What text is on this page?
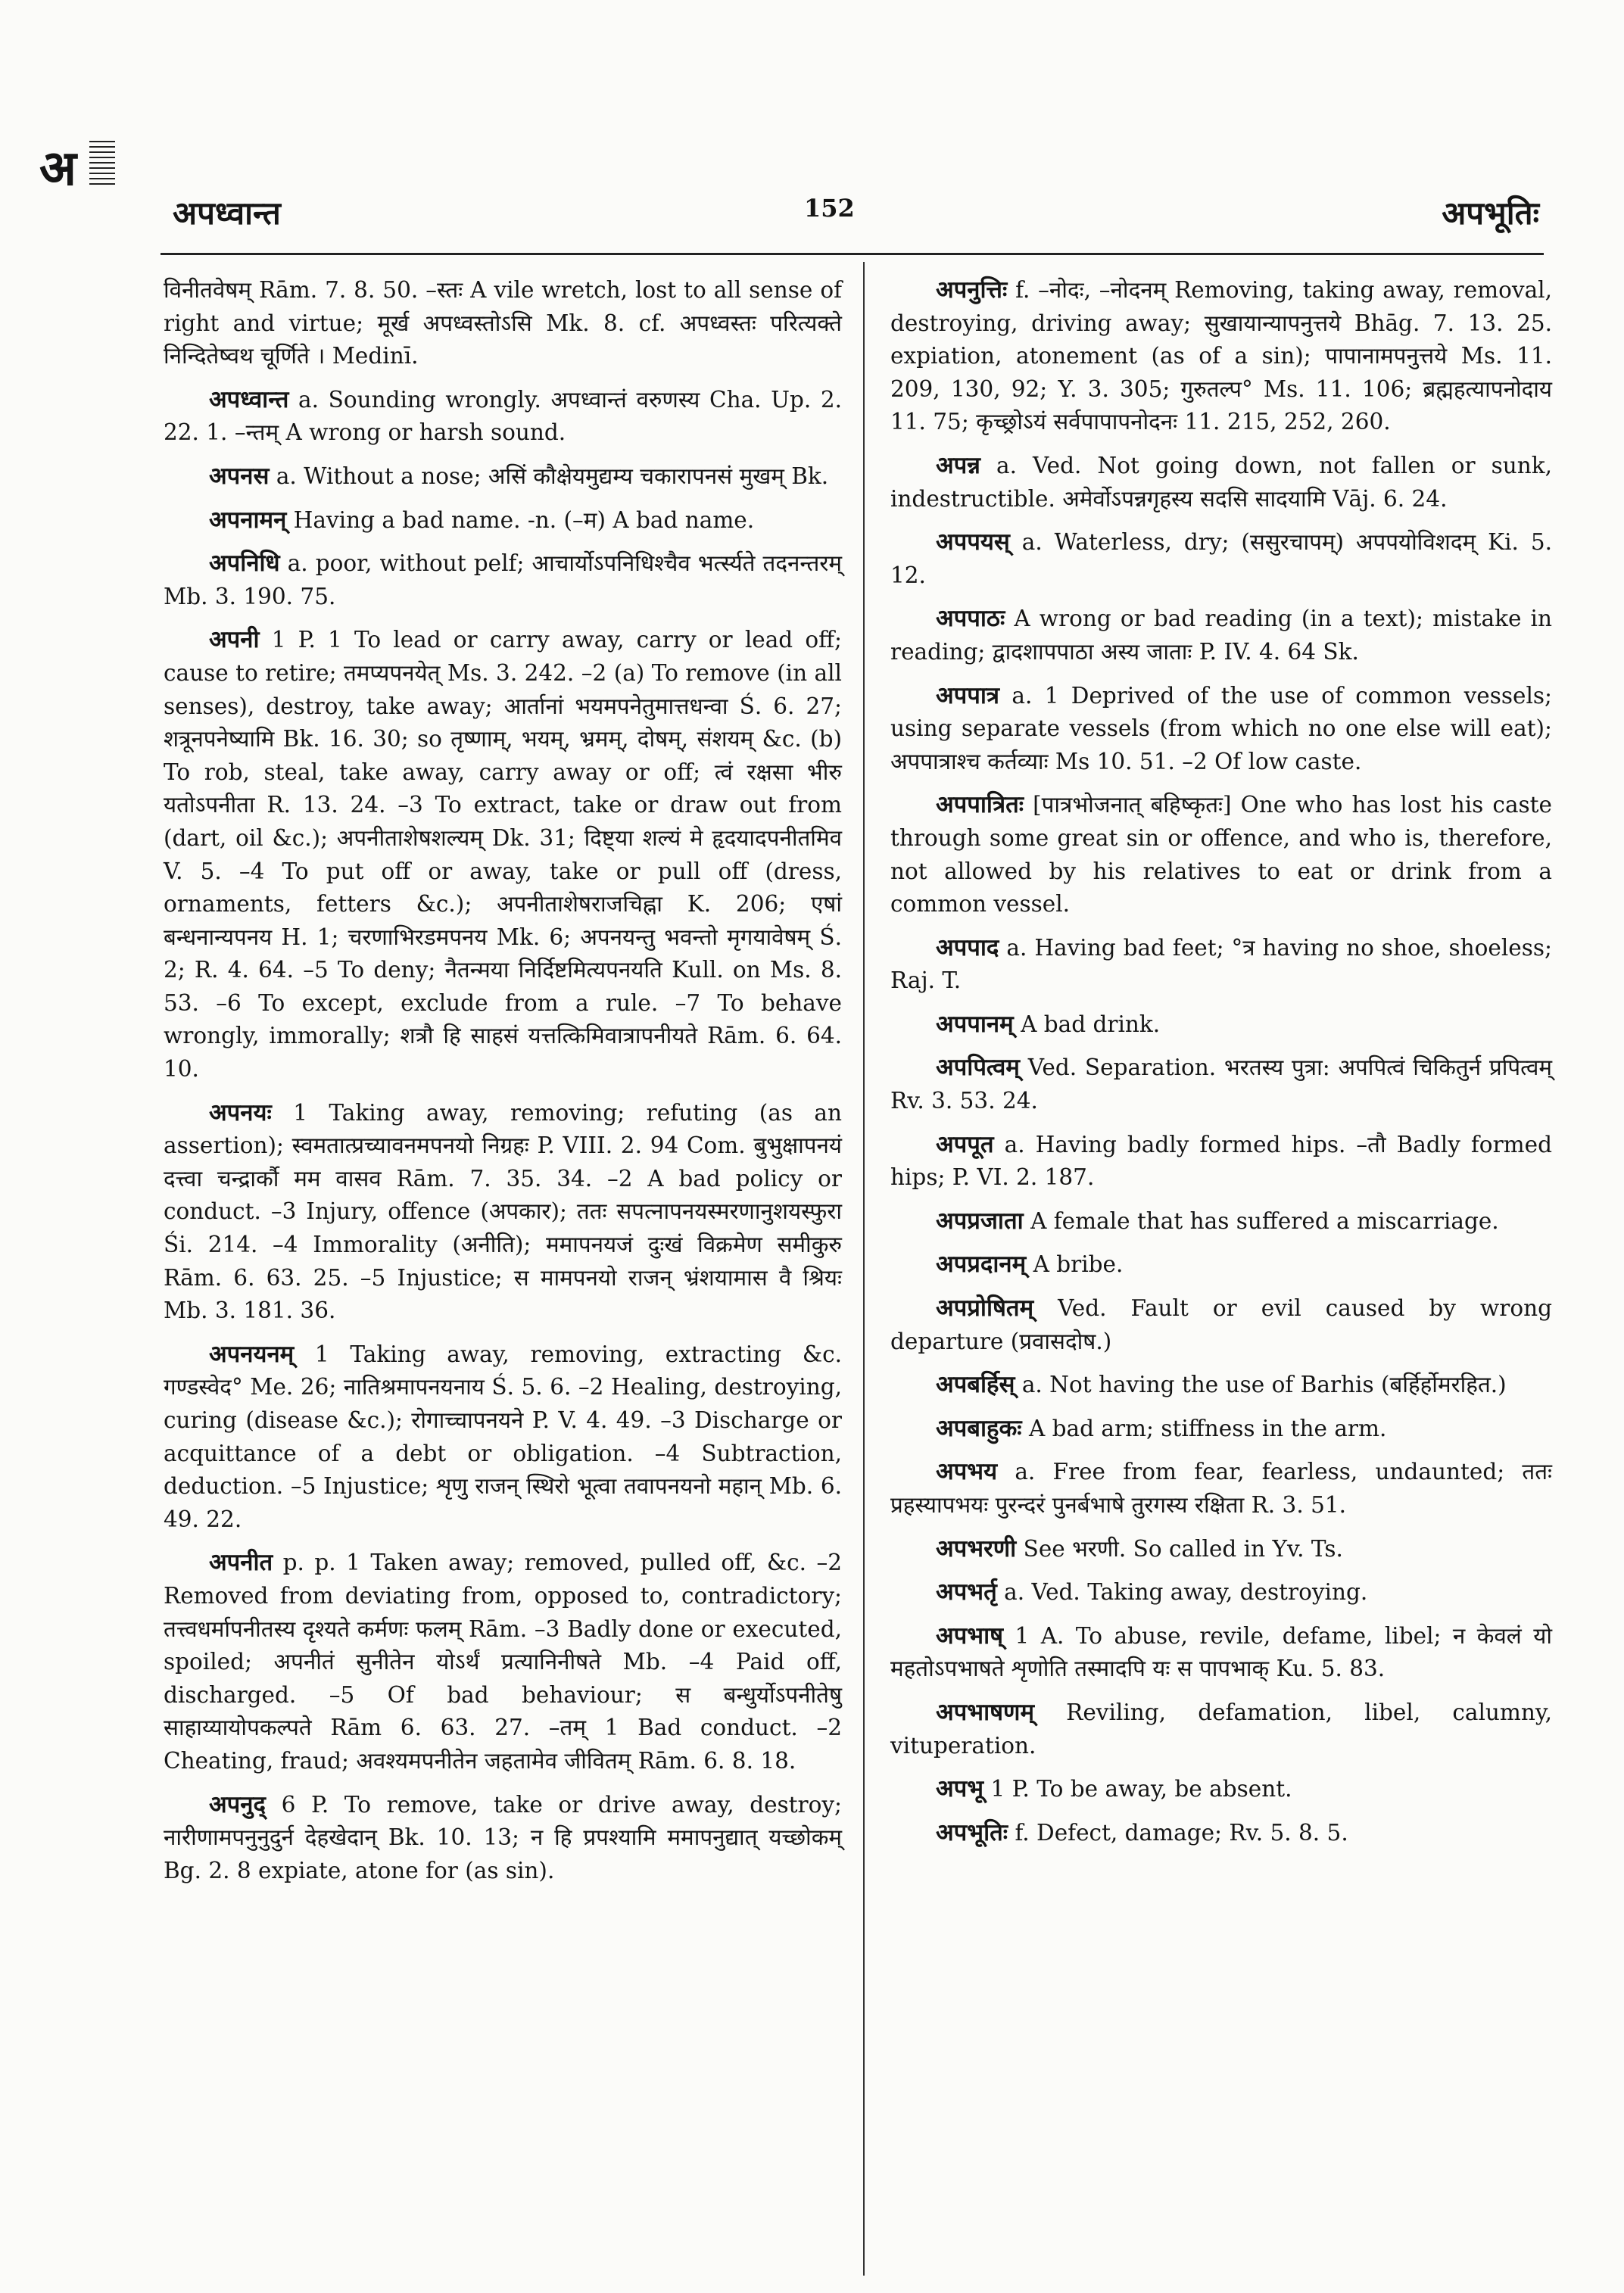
अ
अपध्वान्त	152	अपभूतिः

विनीतवेषम् Rām. 7. 8. 50. –स्तः A vile wretch, lost to all sense of right and virtue; मूर्ख अपध्वस्तोऽसि Mk. 8. cf. अपध्वस्तः परित्यक्ते निन्दितेष्वथ चूर्णिते । Medinī.

अपध्वान्त a. Sounding wrongly. अपध्वान्तं वरुणस्य Cha. Up. 2. 22. 1. –न्तम् A wrong or harsh sound.

अपनस a. Without a nose; असिं कौक्षेयमुद्यम्य चकारापनसं मुखम् Bk.

अपनामन् Having a bad name. -n. (–म) A bad name.

अपनिधि a. poor, without pelf; आचार्योऽपनिधिश्चैव भर्त्स्यते तदनन्तरम् Mb. 3. 190. 75.

अपनी 1 P. 1 To lead or carry away, carry or lead off; cause to retire; तमप्यपनयेत् Ms. 3. 242. –2 (a) To remove (in all senses), destroy, take away; आर्तानां भयमपनेतुमात्तधन्वा Ś. 6. 27; शत्रूनपनेष्यामि Bk. 16. 30; so तृष्णाम्, भयम्, भ्रमम्, दोषम्, संशयम् &c. (b) To rob, steal, take away, carry away or off; त्वं रक्षसा भीरु यतोऽपनीता R. 13. 24. –3 To extract, take or draw out from (dart, oil &c.); अपनीताशेषशल्यम् Dk. 31; दिष्ट्या शल्यं मे हृदयादपनीतमिव V. 5. –4 To put off or away, take or pull off (dress, ornaments, fetters &c.); अपनीताशेषराजचिह्ना K. 206; एषां बन्धनान्यपनय H. 1; चरणाभिरडमपनय Mk. 6; अपनयन्तु भवन्तो मृगयावेषम् Ś. 2; R. 4. 64. –5 To deny; नैतन्मया निर्दिष्टमित्यपनयति Kull. on Ms. 8. 53. –6 To except, exclude from a rule. –7 To behave wrongly, immorally; शत्रौ हि साहसं यत्तत्किमिवात्रापनीयते Rām. 6. 64. 10.

अपनयः 1 Taking away, removing; refuting (as an assertion); स्वमतात्प्रच्यावनमपनयो निग्रहः P. VIII. 2. 94 Com. बुभुक्षापनयं दत्त्वा चन्द्रार्कौ मम वासव Rām. 7. 35. 34. –2 A bad policy or conduct. –3 Injury, offence (अपकार); ततः सपत्नापनयस्मरणानुशयस्फुरा Śi. 214. –4 Immorality (अनीति); ममापनयजं दुःखं विक्रमेण समीकुरु Rām. 6. 63. 25. –5 Injustice; स मामपनयो राजन् भ्रंशयामास वै श्रियः Mb. 3. 181. 36.

अपनयनम् 1 Taking away, removing, extracting &c. गण्डस्वेद° Me. 26; नातिश्रमापनयनाय Ś. 5. 6. –2 Healing, destroying, curing (disease &c.); रोगाच्चापनयने P. V. 4. 49. –3 Discharge or acquittance of a debt or obligation. –4 Subtraction, deduction. –5 Injustice; शृणु राजन् स्थिरो भूत्वा तवापनयनो महान् Mb. 6. 49. 22.

अपनीत p. p. 1 Taken away; removed, pulled off, &c. –2 Removed from deviating from, opposed to, contradictory; तत्त्वधर्मापनीतस्य दृश्यते कर्मणः फलम् Rām. –3 Badly done or executed, spoiled; अपनीतं सुनीतेन योऽर्थं प्रत्यानिनीषते Mb. –4 Paid off, discharged. –5 Of bad behaviour; स बन्धुर्योऽपनीतेषु साहाय्यायोपकल्पते Rām 6. 63. 27. –तम् 1 Bad conduct. –2 Cheating, fraud; अवश्यमपनीतेन जहतामेव जीवितम् Rām. 6. 8. 18.

अपनुद् 6 P. To remove, take or drive away, destroy; नारीणामपनुनुदुर्न देहखेदान् Bk. 10. 13; न हि प्रपश्यामि ममापनुद्यात् यच्छोकम् Bg. 2. 8 expiate, atone for (as sin).

अपनुत्तिः f. –नोदः, –नोदनम् Removing, taking away, removal, destroying, driving away; सुखायान्यापनुत्तये Bhāg. 7. 13. 25. expiation, atonement (as of a sin); पापानामपनुत्तये Ms. 11. 209, 130, 92; Y. 3. 305; गुरुतल्प° Ms. 11. 106; ब्रह्महत्यापनोदाय 11. 75; कृच्छ्रोऽयं सर्वपापापनोदनः 11. 215, 252, 260.

अपन्न a. Ved. Not going down, not fallen or sunk, indestructible. अमेर्वोऽपन्नगृहस्य सदसि सादयामि Vāj. 6. 24.

अपपयस् a. Waterless, dry; (ससुरचापम्) अपपयोविशदम् Ki. 5. 12.

अपपाठः A wrong or bad reading (in a text); mistake in reading; द्वादशापपाठा अस्य जाताः P. IV. 4. 64 Sk.

अपपात्र a. 1 Deprived of the use of common vessels; using separate vessels (from which no one else will eat); अपपात्राश्च कर्तव्याः Ms 10. 51. –2 Of low caste.

अपपात्रितः [पात्रभोजनात् बहिष्कृतः] One who has lost his caste through some great sin or offence, and who is, therefore, not allowed by his relatives to eat or drink from a common vessel.

अपपाद a. Having bad feet; °त्र having no shoe, shoeless; Raj. T.

अपपानम् A bad drink.

अपपित्वम् Ved. Separation. भरतस्य पुत्रा: अपपित्वं चिकितुर्न प्रपित्वम् Rv. 3. 53. 24.

अपपूत a. Having badly formed hips. –तौ Badly formed hips; P. VI. 2. 187.

अपप्रजाता A female that has suffered a miscarriage.

अपप्रदानम् A bribe.

अपप्रोषितम् Ved. Fault or evil caused by wrong departure (प्रवासदोष.)

अपबर्हिस् a. Not having the use of Barhis (बर्हिर्होमरहित.)

अपबाहुकः A bad arm; stiffness in the arm.

अपभय a. Free from fear, fearless, undaunted; ततः प्रहस्यापभयः पुरन्दरं पुनर्बभाषे तुरगस्य रक्षिता R. 3. 51.

अपभरणी See भरणी. So called in Yv. Ts.

अपभर्तृ a. Ved. Taking away, destroying.

अपभाष् 1 A. To abuse, revile, defame, libel; न केवलं यो महतोऽपभाषते शृणोति तस्मादपि यः स पापभाक् Ku. 5. 83.

अपभाषणम् Reviling, defamation, libel, calumny, vituperation.

अपभू 1 P. To be away, be absent.

अपभूतिः f. Defect, damage; Rv. 5. 8. 5.
